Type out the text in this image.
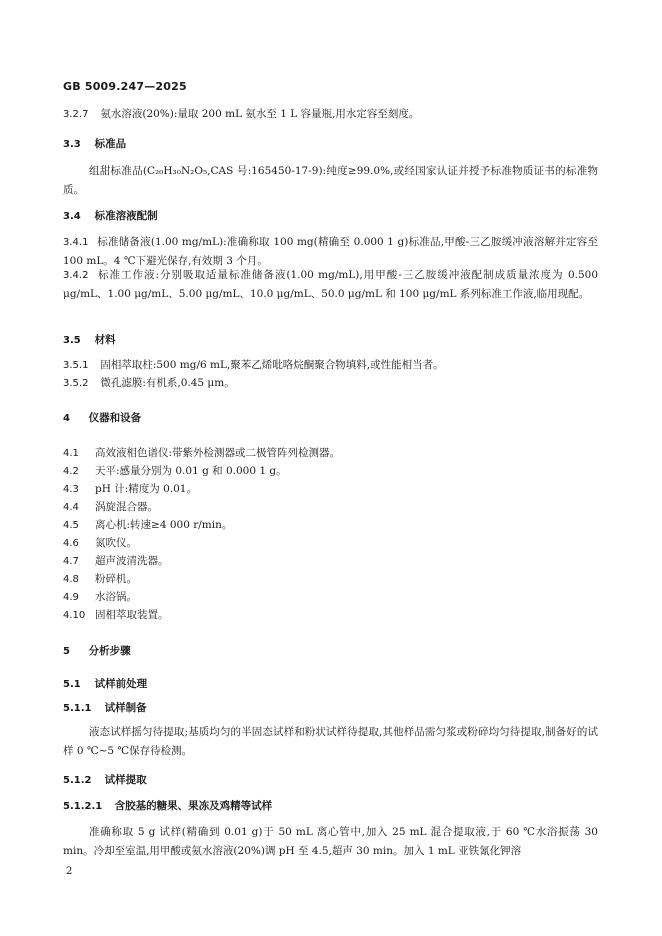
GB 5009.247—2025
3.2.7 氨水溶液(20%):量取 200 mL 氨水至 1 L 容量瓶,用水定容至刻度。
3.3 标准品
组甜标准品(C₂₀H₃₀N₂O₅,CAS 号:165450-17-9):纯度≥99.0%,或经国家认证并授予标准物质证书的标准物质。
3.4 标准溶液配制
3.4.1 标准储备液(1.00 mg/mL):准确称取 100 mg(精确至 0.000 1 g)标准品,甲酸-三乙胺缓冲液溶解并定容至 100 mL。4 ℃下避光保存,有效期 3 个月。
3.4.2 标准工作液:分别吸取适量标准储备液(1.00 mg/mL),用甲酸-三乙胺缓冲液配制成质量浓度为 0.500 μg/mL、1.00 μg/mL、5.00 μg/mL、10.0 μg/mL、50.0 μg/mL 和 100 μg/mL 系列标准工作液,临用现配。
3.5 材料
3.5.1 固相萃取柱:500 mg/6 mL,聚苯乙烯吡咯烷酮聚合物填料,或性能相当者。
3.5.2 微孔滤膜:有机系,0.45 μm。
4 仪器和设备
4.1 高效液相色谱仪:带紫外检测器或二极管阵列检测器。
4.2 天平:感量分别为 0.01 g 和 0.000 1 g。
4.3 pH 计:精度为 0.01。
4.4 涡旋混合器。
4.5 离心机:转速≥4 000 r/min。
4.6 氮吹仪。
4.7 超声波清洗器。
4.8 粉碎机。
4.9 水浴锅。
4.10 固相萃取装置。
5 分析步骤
5.1 试样前处理
5.1.1 试样制备
液态试样摇匀待提取;基质均匀的半固态试样和粉状试样待提取,其他样品需匀浆或粉碎均匀待提取,制备好的试样 0 ℃~5 ℃保存待检测。
5.1.2 试样提取
5.1.2.1 含胶基的糖果、果冻及鸡精等试样
准确称取 5 g 试样(精确到 0.01 g)于 50 mL 离心管中,加入 25 mL 混合提取液,于 60 ℃水浴振荡 30 min。冷却至室温,用甲酸或氨水溶液(20%)调 pH 至 4.5,超声 30 min。加入 1 mL 亚铁氰化钾溶
2
